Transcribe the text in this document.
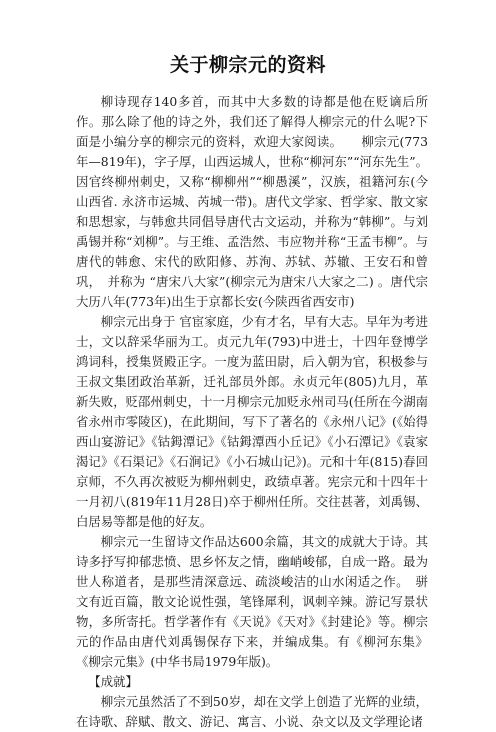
关于柳宗元的资料

柳诗现存140多首，而其中大多数的诗都是他在贬谪后所作。那么除了他的诗之外，我们还了解得人柳宗元的什么呢?下面是小编分享的柳宗元的资料，欢迎大家阅读。　　柳宗元(773年—819年)，字子厚，山西运城人，世称“柳河东”“河东先生”。因官终柳州刺史，又称“柳柳州”“柳愚溪”，汉族，祖籍河东(今山西省. 永济市运城、芮城一带)。唐代文学家、哲学家、散文家和思想家，与韩愈共同倡导唐代古文运动，并称为“韩柳”。与刘禹锡并称“刘柳”。与王维、孟浩然、韦应物并称“王孟韦柳”。与唐代的韩愈、宋代的欧阳修、苏洵、苏轼、苏辙、王安石和曾巩，　并称为 “唐宋八大家”(柳宗元为唐宋八大家之二) 。唐代宗大历八年(773年)出生于京都长安(今陕西省西安市)

柳宗元出身于 官宦家庭，少有才名，早有大志。早年为考进士，文以辞采华丽为工。贞元九年(793)中进士，十四年登博学鸿词科，授集贤殿正字。一度为蓝田尉，后入朝为官，积极参与王叔文集团政治革新，迁礼部员外郎。永贞元年(805)九月，革新失败，贬邵州刺史，十一月柳宗元加贬永州司马(任所在今湖南省永州市零陵区)，在此期间，写下了著名的《永州八记》(《始得西山宴游记》《钴鉧潭记》《钴鉧潭西小丘记》《小石潭记》《袁家渴记》《石渠记》《石涧记》《小石城山记》)。元和十年(815)春回京师，不久再次被贬为柳州刺史，政绩卓著。宪宗元和十四年十一月初八(819年11月28日)卒于柳州任所。交往甚著，刘禹锡、白居易等都是他的好友。

柳宗元一生留诗文作品达600余篇，其文的成就大于诗。其诗多抒写抑郁悲愤、思乡怀友之情，幽峭峻郁，自成一路。最为世人称道者，是那些清深意远、疏淡峻洁的山水闲适之作。　骈文有近百篇，散文论说性强，笔锋犀利，讽刺辛辣。游记写景状物，多所寄托。哲学著作有《天说》《天对》《封建论》等。柳宗元的作品由唐代刘禹锡保存下来，并编成集。有《柳河东集》《柳宗元集》(中华书局1979年版)。

【成就】

柳宗元虽然活了不到50岁，却在文学上创造了光辉的业绩，在诗歌、辞赋、散文、游记、寓言、小说、杂文以及文学理论诸
